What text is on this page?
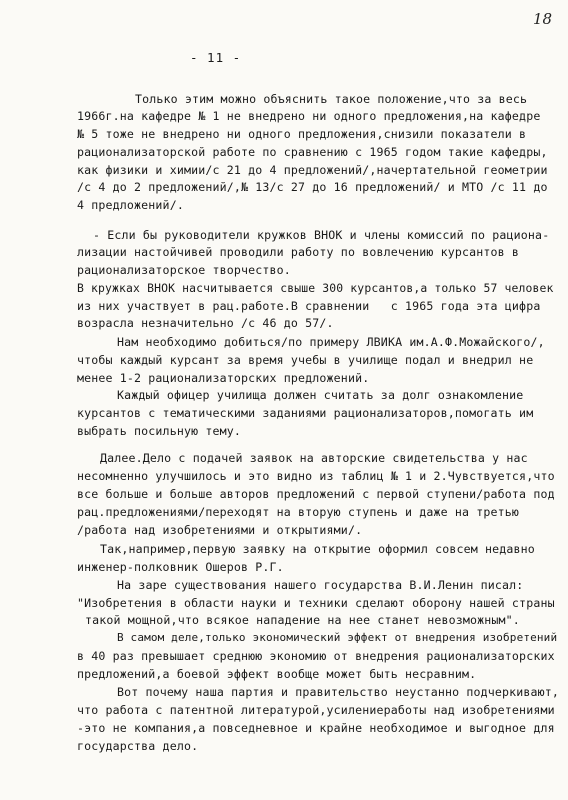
18
- 11 -
Только этим можно объяснить такое положение,что за весь
1966г.на кафедре № 1 не внедрено ни одного предложения,на кафедре
№ 5 тоже не внедрено ни одного предложения,снизили показатели в
рационализаторской работе по сравнению с 1965 годом такие кафедры,
как физики и химии/с 21 до 4 предложений/,начертательной геометрии
/с 4 до 2 предложений/,№ 13/с 27 до 16 предложений/ и МТО /с 11 до
4 предложений/.
- Если бы руководители кружков ВНОК и члены комиссий по рациона-
лизации настойчивей проводили работу по вовлечению курсантов в
рационализаторское творчество.
В кружках ВНОК насчитывается свыше 300 курсантов,а только 57 человек
из них участвует в рац.работе.В сравнении   с 1965 года эта цифра
возрасла незначительно /с 46 до 57/.
Нам необходимо добиться/по примеру ЛВИКА им.А.Ф.Можайского/,
чтобы каждый курсант за время учебы в училище подал и внедрил не
менее 1-2 рационализаторских предложений.
Каждый офицер училища должен считать за долг ознакомление
курсантов с тематическими заданиями рационализаторов,помогать им
выбрать посильную тему.
Далее.Дело с подачей заявок на авторские свидетельства у нас
несомненно улучшилось и это видно из таблиц № 1 и 2.Чувствуется,что
все больше и больше авторов предложений с первой ступени/работа под
рац.предложениями/переходят на вторую ступень и даже на третью
/работа над изобретениями и открытиями/.
Так,например,первую заявку на открытие оформил совсем недавно
инженер-полковник Ошеров Р.Г.
На заре существования нашего государства В.И.Ленин писал:
"Изобретения в области науки и техники сделают оборону нашей страны
такой мощной,что всякое нападение на нее станет невозможным".
В самом деле,только экономический эффект от внедрения изобретений
в 40 раз превышает среднюю экономию от внедрения рационализаторских
предложений,а боевой эффект вообще может быть несравним.
Вот почему наша партия и правительство неустанно подчеркивают,
что работа с патентной литературой,усилениеработы над изобретениями
-это не компания,а повседневное и крайне необходимое и выгодное для
государства дело.
